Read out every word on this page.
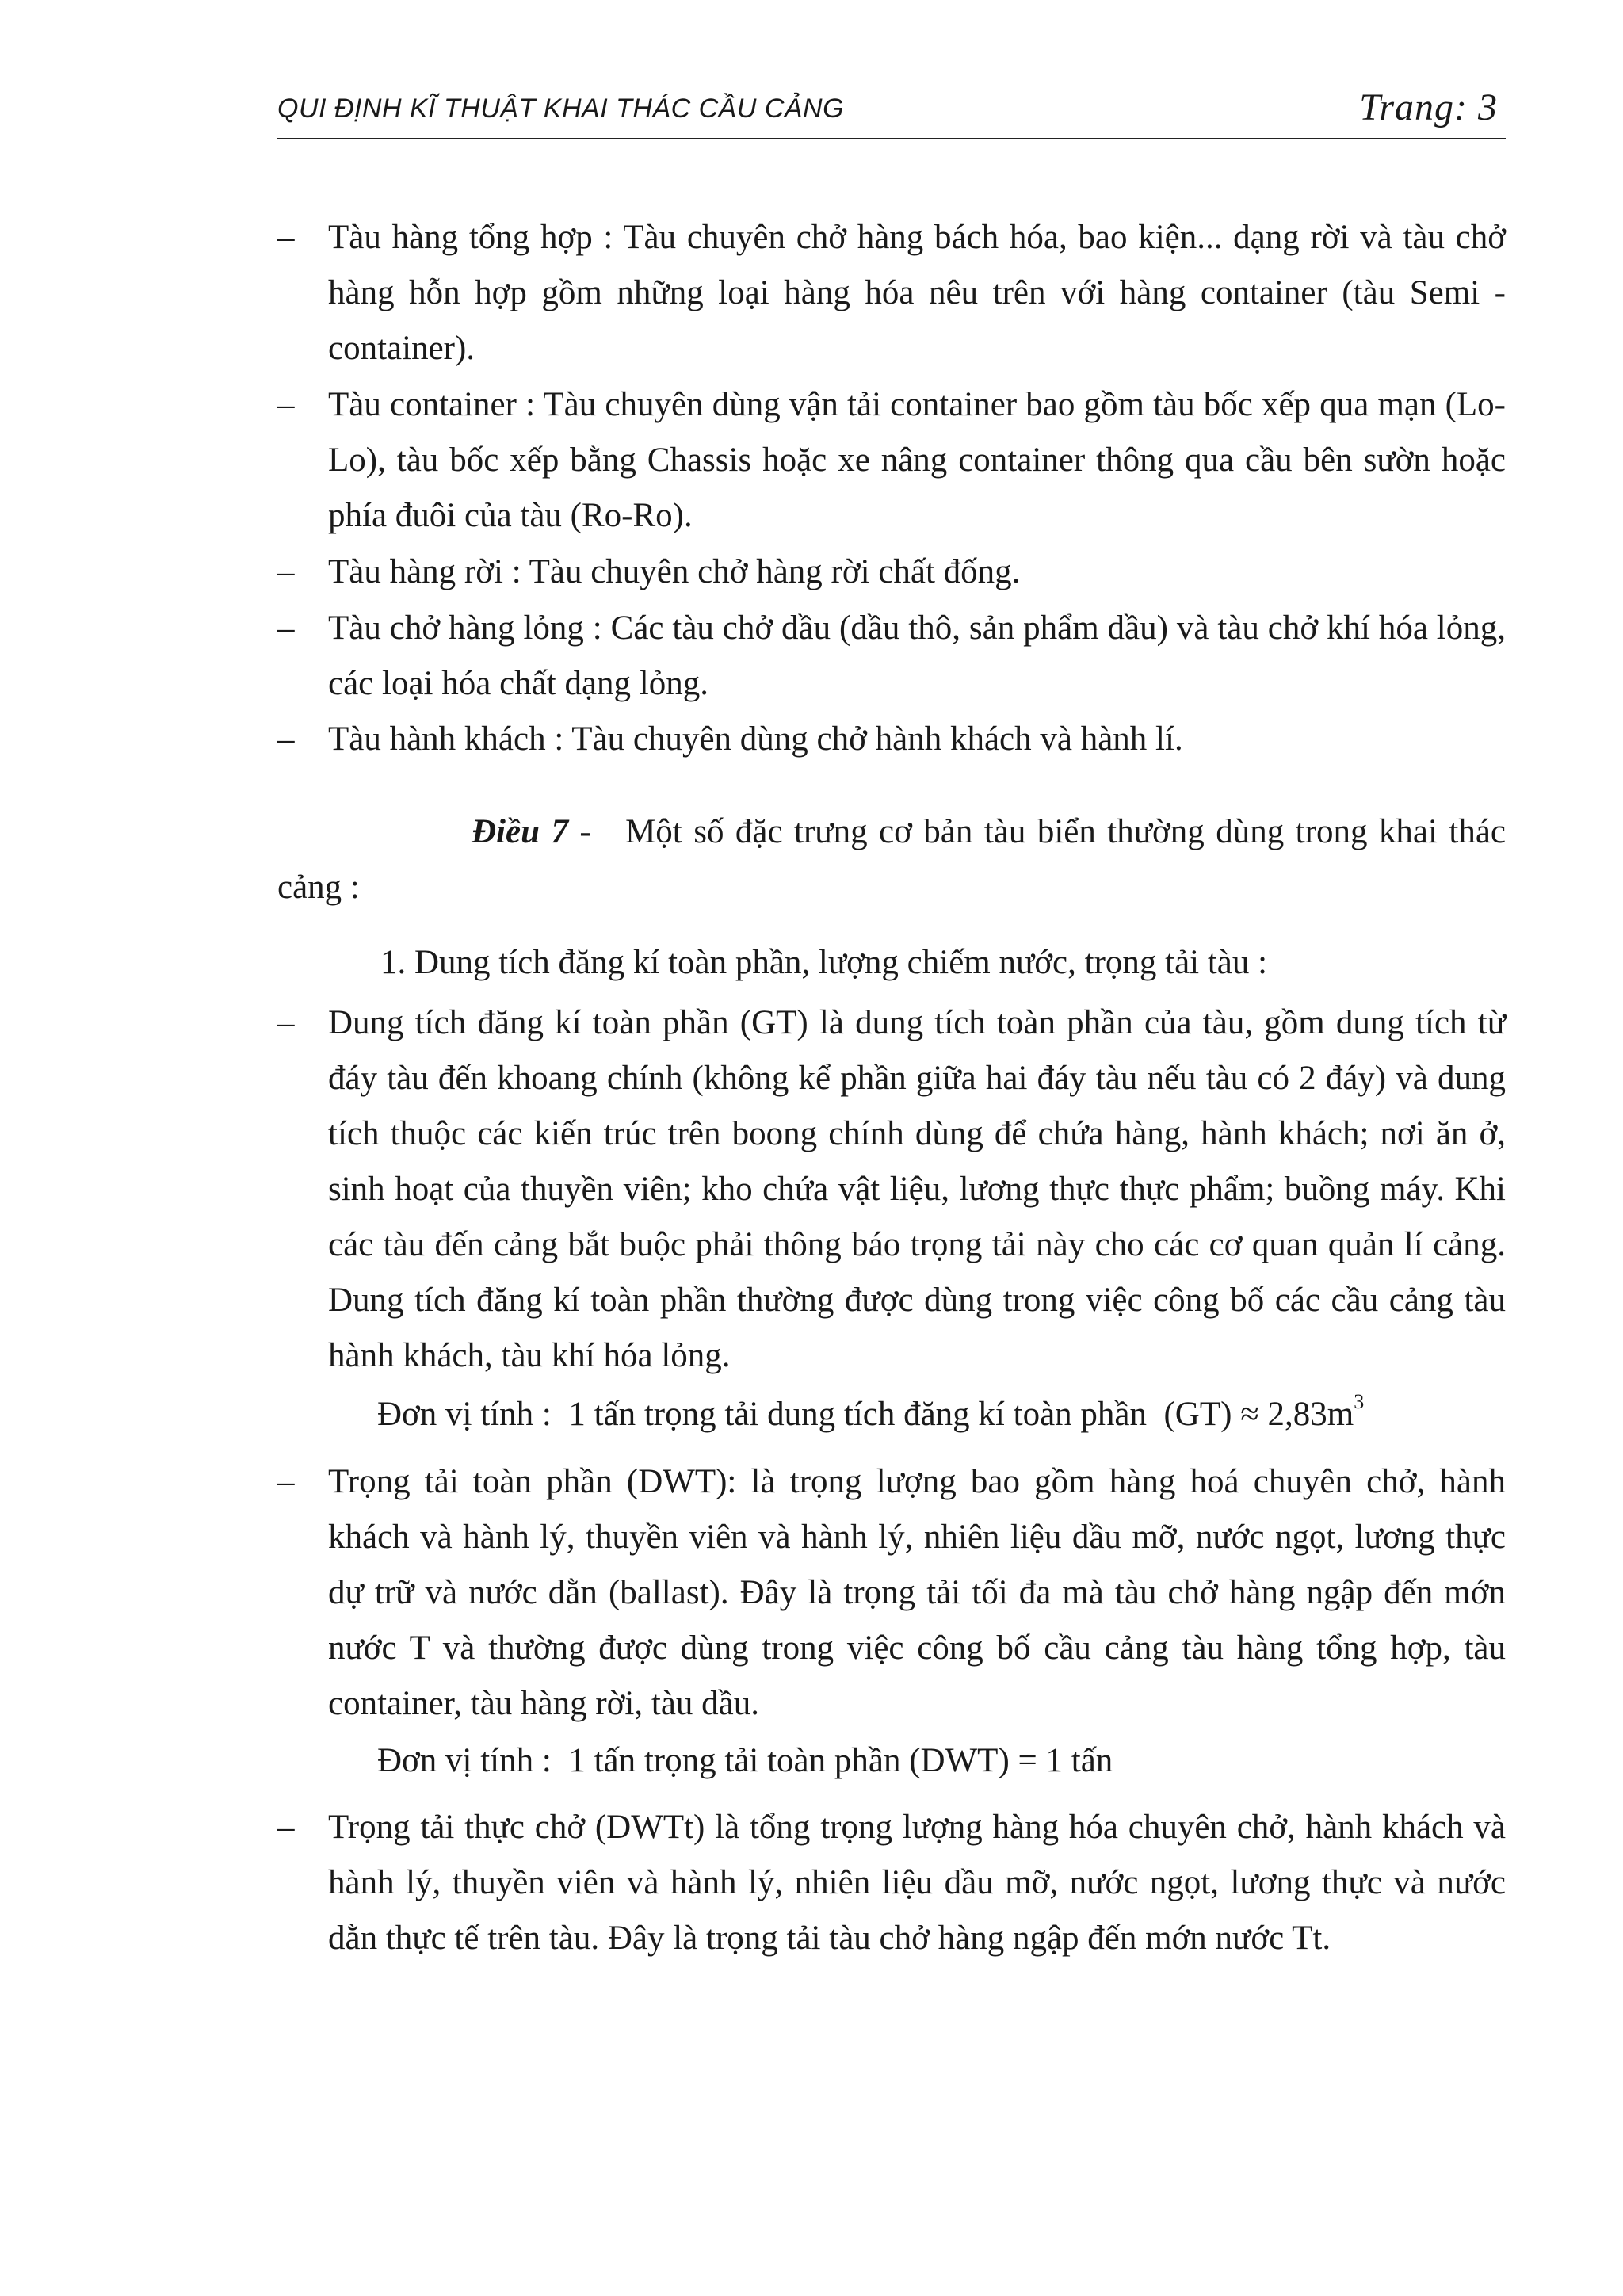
QUI ĐỊNH KĨ THUẬT KHAI THÁC CẦU CẢNG	Trang: 3
– Tàu hàng tổng hợp : Tàu chuyên chở hàng bách hóa, bao kiện... dạng rời và tàu chở hàng hỗn hợp gồm những loại hàng hóa nêu trên với hàng container (tàu Semi - container).
– Tàu container : Tàu chuyên dùng vận tải container bao gồm tàu bốc xếp qua mạn (Lo-Lo), tàu bốc xếp bằng Chassis hoặc xe nâng container thông qua cầu bên sườn hoặc phía đuôi của tàu (Ro-Ro).
– Tàu hàng rời : Tàu chuyên chở hàng rời chất đống.
– Tàu chở hàng lỏng : Các tàu chở dầu (dầu thô, sản phẩm dầu) và tàu chở khí hóa lỏng, các loại hóa chất dạng lỏng.
– Tàu hành khách : Tàu chuyên dùng chở hành khách và hành lí.
Điều 7 -   Một số đặc trưng cơ bản tàu biển thường dùng trong khai thác cảng :
1. Dung tích đăng kí toàn phần, lượng chiếm nước, trọng tải tàu :
– Dung tích đăng kí toàn phần (GT) là dung tích toàn phần của tàu, gồm dung tích từ đáy tàu đến khoang chính (không kể phần giữa hai đáy tàu nếu tàu có 2 đáy) và dung tích thuộc các kiến trúc trên boong chính dùng để chứa hàng, hành khách; nơi ăn ở, sinh hoạt của thuyền viên; kho chứa vật liệu, lương thực thực phẩm; buồng máy. Khi các tàu đến cảng bắt buộc phải thông báo trọng tải này cho các cơ quan quản lí cảng. Dung tích đăng kí toàn phần thường được dùng trong việc công bố các cầu cảng tàu hành khách, tàu khí hóa lỏng.
Đơn vị tính :  1 tấn trọng tải dung tích đăng kí toàn phần  $(GT) \approx 2,83m^3$
– Trọng tải toàn phần (DWT): là trọng lượng bao gồm hàng hoá chuyên chở, hành khách và hành lý, thuyền viên và hành lý, nhiên liệu dầu mỡ, nước ngọt, lương thực dự trữ và nước dằn (ballast). Đây là trọng tải tối đa mà tàu chở hàng ngập đến mớn nước T và thường được dùng trong việc công bố cầu cảng tàu hàng tổng hợp, tàu container, tàu hàng rời, tàu dầu.
Đơn vị tính :  1 tấn trọng tải toàn phần (DWT) = 1 tấn
– Trọng tải thực chở (DWTt) là tổng trọng lượng hàng hóa chuyên chở, hành khách và hành lý, thuyền viên và hành lý, nhiên liệu dầu mỡ, nước ngọt, lương thực và nước dằn thực tế trên tàu. Đây là trọng tải tàu chở hàng ngập đến mớn nước Tt.
